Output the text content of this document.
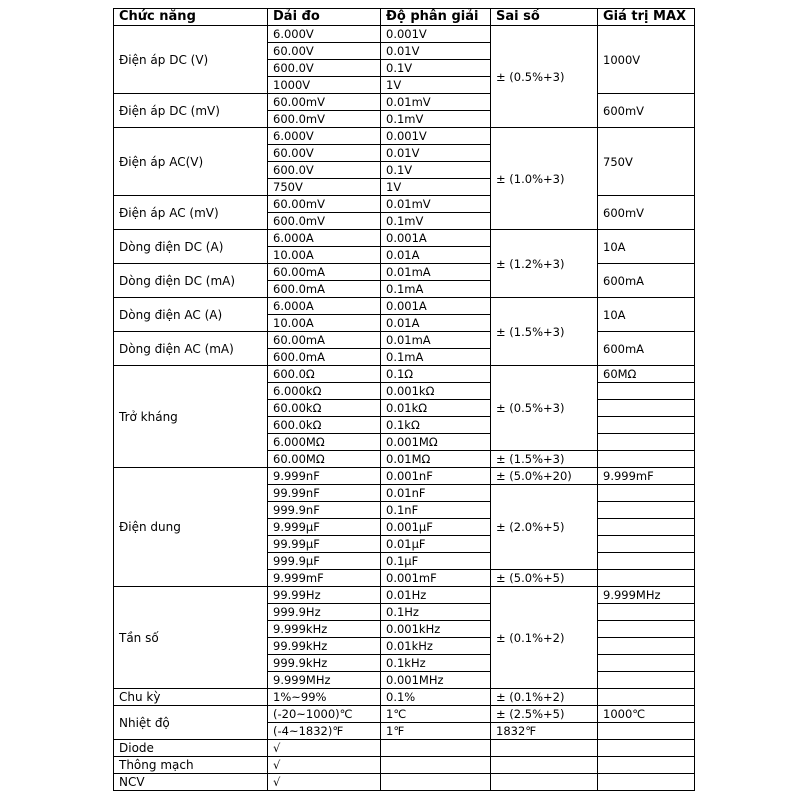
Chức năng	Dải đo	Độ phân giải	Sai số	Giá trị MAX
Điện áp DC (V)	6.000V	0.001V	± (0.5%+3)	1000V
	60.00V	0.01V		
	600.0V	0.1V		
	1000V	1V		
Điện áp DC (mV)	60.00mV	0.01mV		600mV
	600.0mV	0.1mV		
Điện áp AC(V)	6.000V	0.001V	± (1.0%+3)	750V
	60.00V	0.01V		
	600.0V	0.1V		
	750V	1V		
Điện áp AC (mV)	60.00mV	0.01mV		600mV
	600.0mV	0.1mV		
Dòng điện DC (A)	6.000A	0.001A	± (1.2%+3)	10A
	10.00A	0.01A		
Dòng điện DC (mA)	60.00mA	0.01mA		600mA
	600.0mA	0.1mA		
Dòng điện AC (A)	6.000A	0.001A	± (1.5%+3)	10A
	10.00A	0.01A		
Dòng điện AC (mA)	60.00mA	0.01mA		600mA
	600.0mA	0.1mA		
Trở kháng	600.0Ω	0.1Ω	± (0.5%+3)	60MΩ
	6.000kΩ	0.001kΩ		
	60.00kΩ	0.01kΩ		
	600.0kΩ	0.1kΩ		
	6.000MΩ	0.001MΩ		
	60.00MΩ	0.01MΩ	± (1.5%+3)	
Điện dung	9.999nF	0.001nF	± (5.0%+20)	9.999mF
	99.99nF	0.01nF	± (2.0%+5)	
	999.9nF	0.1nF		
	9.999μF	0.001μF		
	99.99μF	0.01μF		
	999.9μF	0.1μF		
	9.999mF	0.001mF	± (5.0%+5)	
Tần số	99.99Hz	0.01Hz	± (0.1%+2)	9.999MHz
	999.9Hz	0.1Hz		
	9.999kHz	0.001kHz		
	99.99kHz	0.01kHz		
	999.9kHz	0.1kHz		
	9.999MHz	0.001MHz		
Chu kỳ	1%~99%	0.1%	± (0.1%+2)	
Nhiệt độ	(-20~1000)℃	1℃	± (2.5%+5)	1000℃
	(-4~1832)℉	1℉	1832℉	
Diode	√			
Thông mạch	√			
NCV	√			
